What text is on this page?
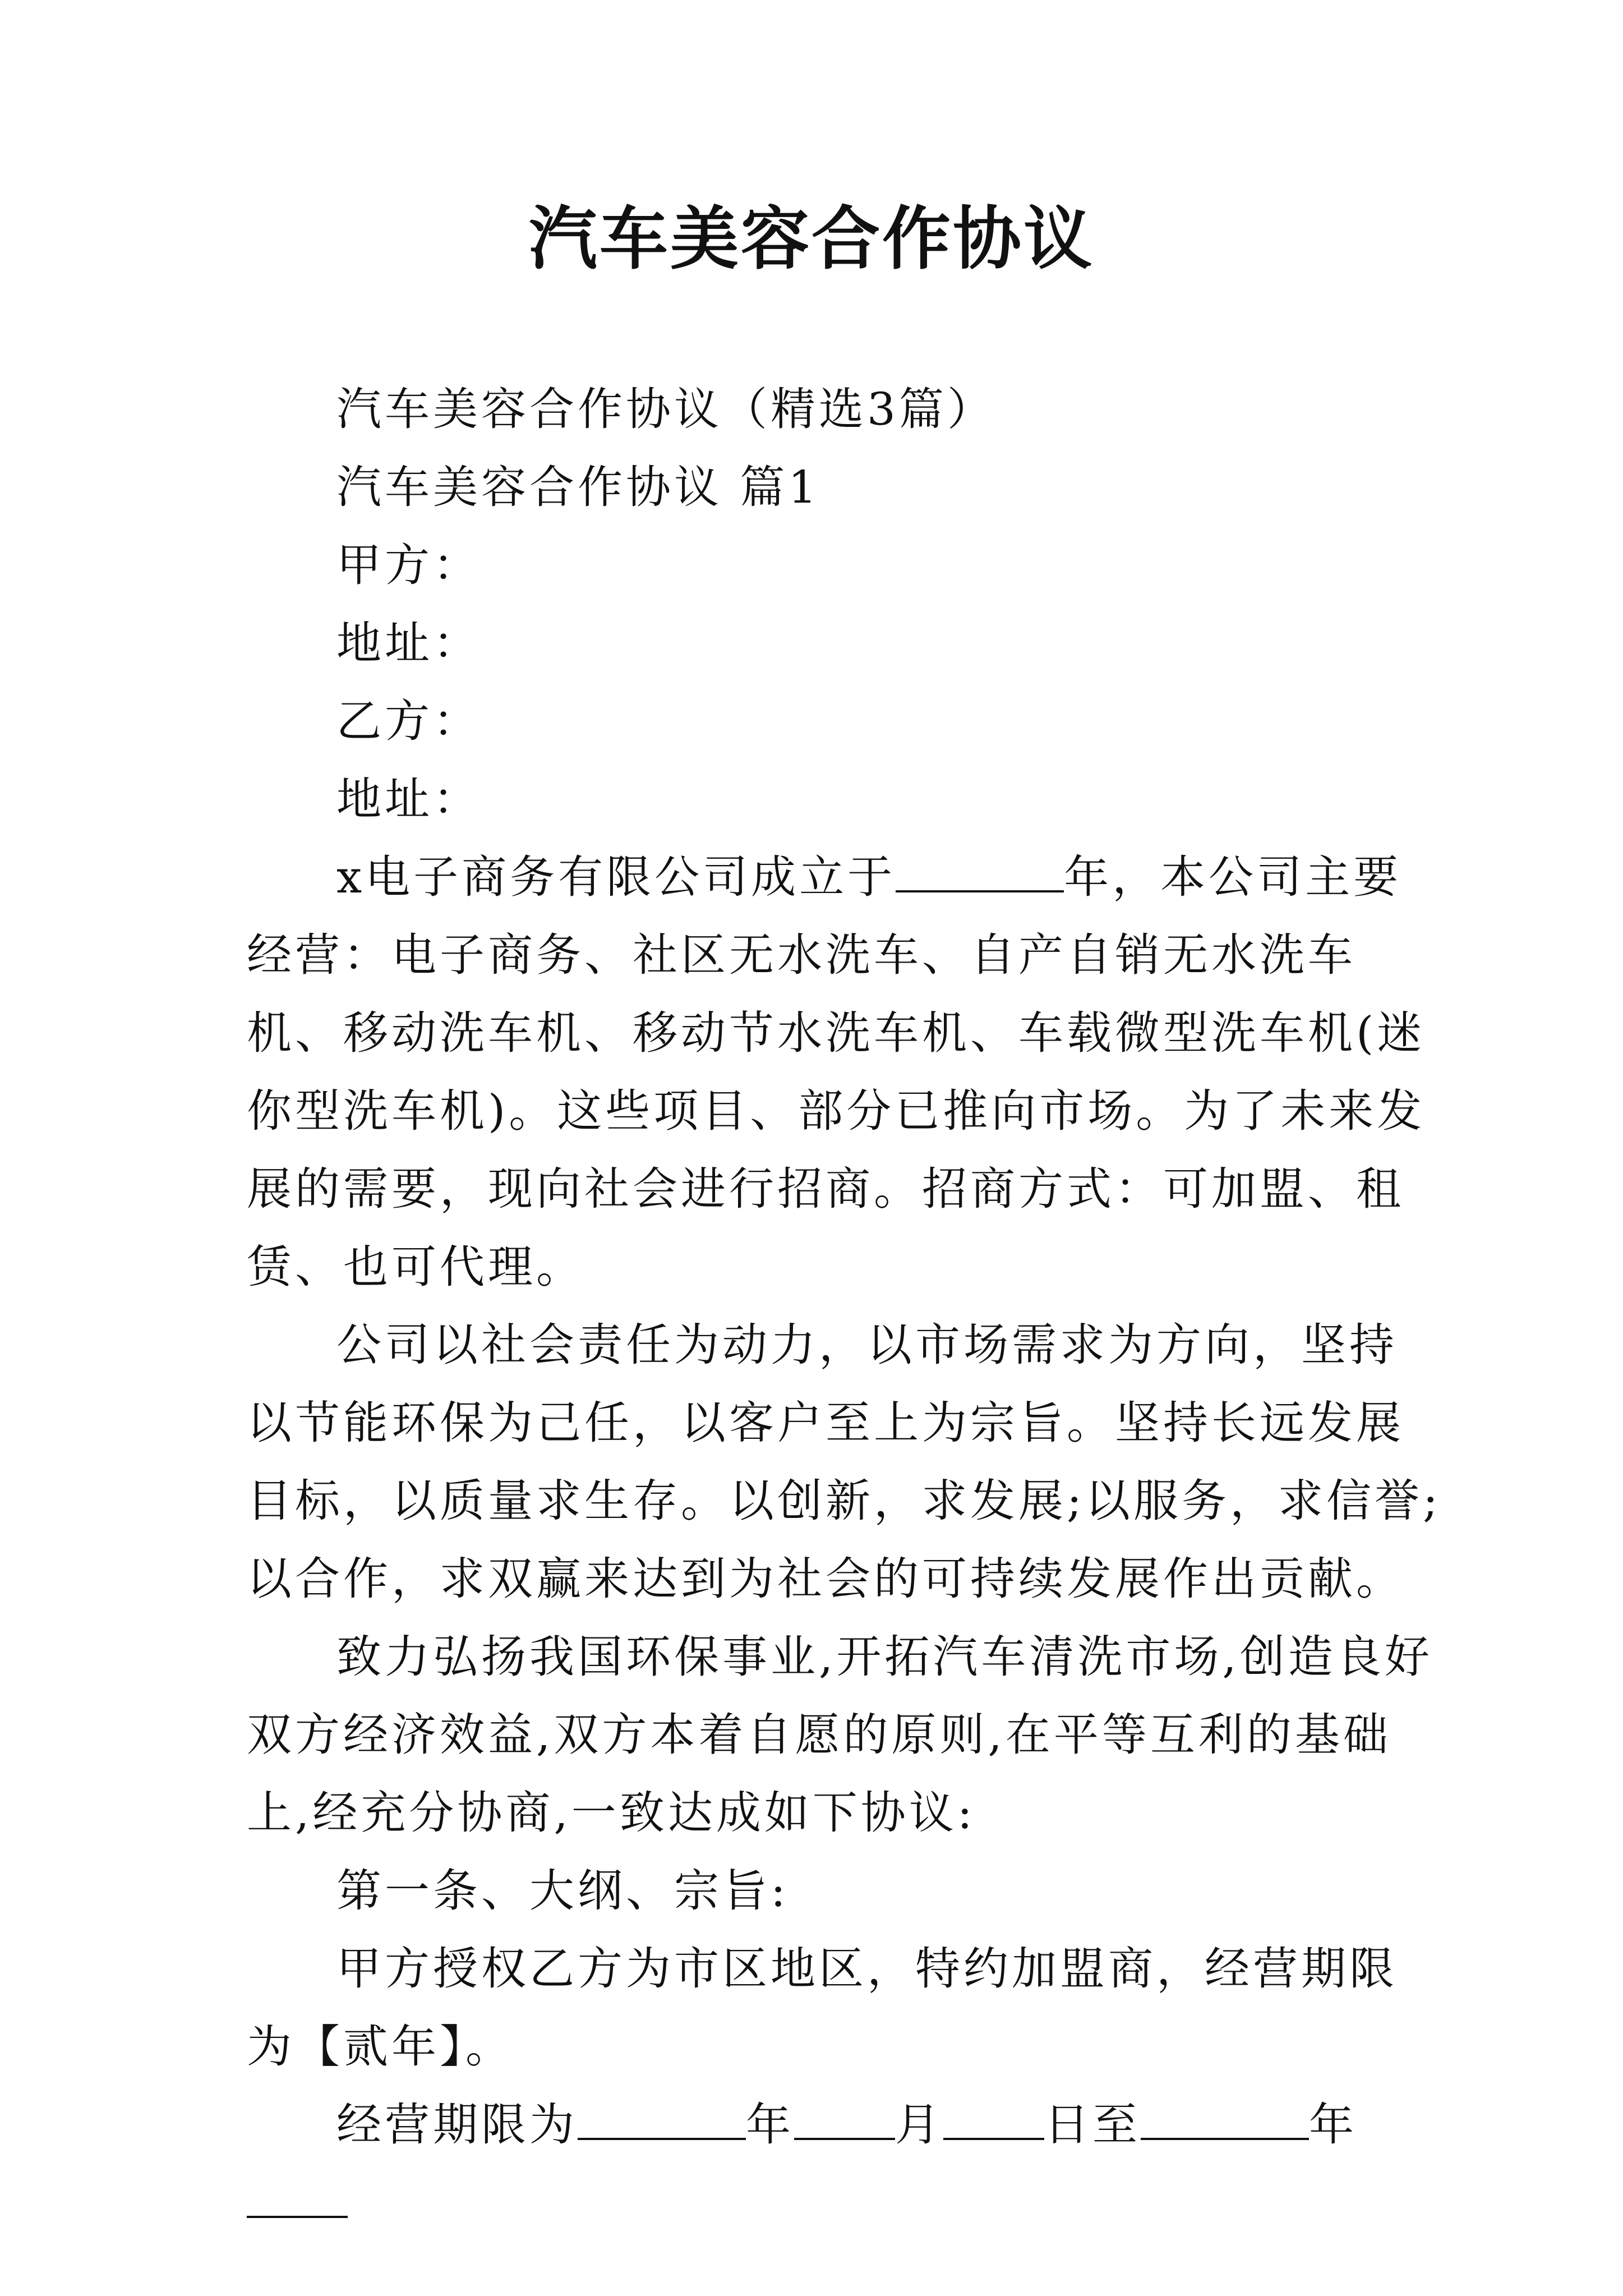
汽车美容合作协议

汽车美容合作协议（精选3篇）

汽车美容合作协议 篇1

甲方：

地址：

乙方：

地址：

x电子商务有限公司成立于	年，本公司主要经营：电子商务、社区无水洗车、自产自销无水洗车机、移动洗车机、移动节水洗车机、车载微型洗车机(迷你型洗车机)。这些项目、部分已推向市场。为了未来发展的需要，现向社会进行招商。招商方式：可加盟、租赁、也可代理。

公司以社会责任为动力，以市场需求为方向，坚持以节能环保为己任，以客户至上为宗旨。坚持长远发展目标，以质量求生存。以创新，求发展;以服务，求信誉;以合作，求双赢来达到为社会的可持续发展作出贡献。

致力弘扬我国环保事业,开拓汽车清洗市场,创造良好双方经济效益,双方本着自愿的原则,在平等互利的基础上,经充分协商,一致达成如下协议:

第一条、大纲、宗旨:

甲方授权乙方为市区地区，特约加盟商，经营期限为【贰年】。

经营期限为	年 月 日至	年
